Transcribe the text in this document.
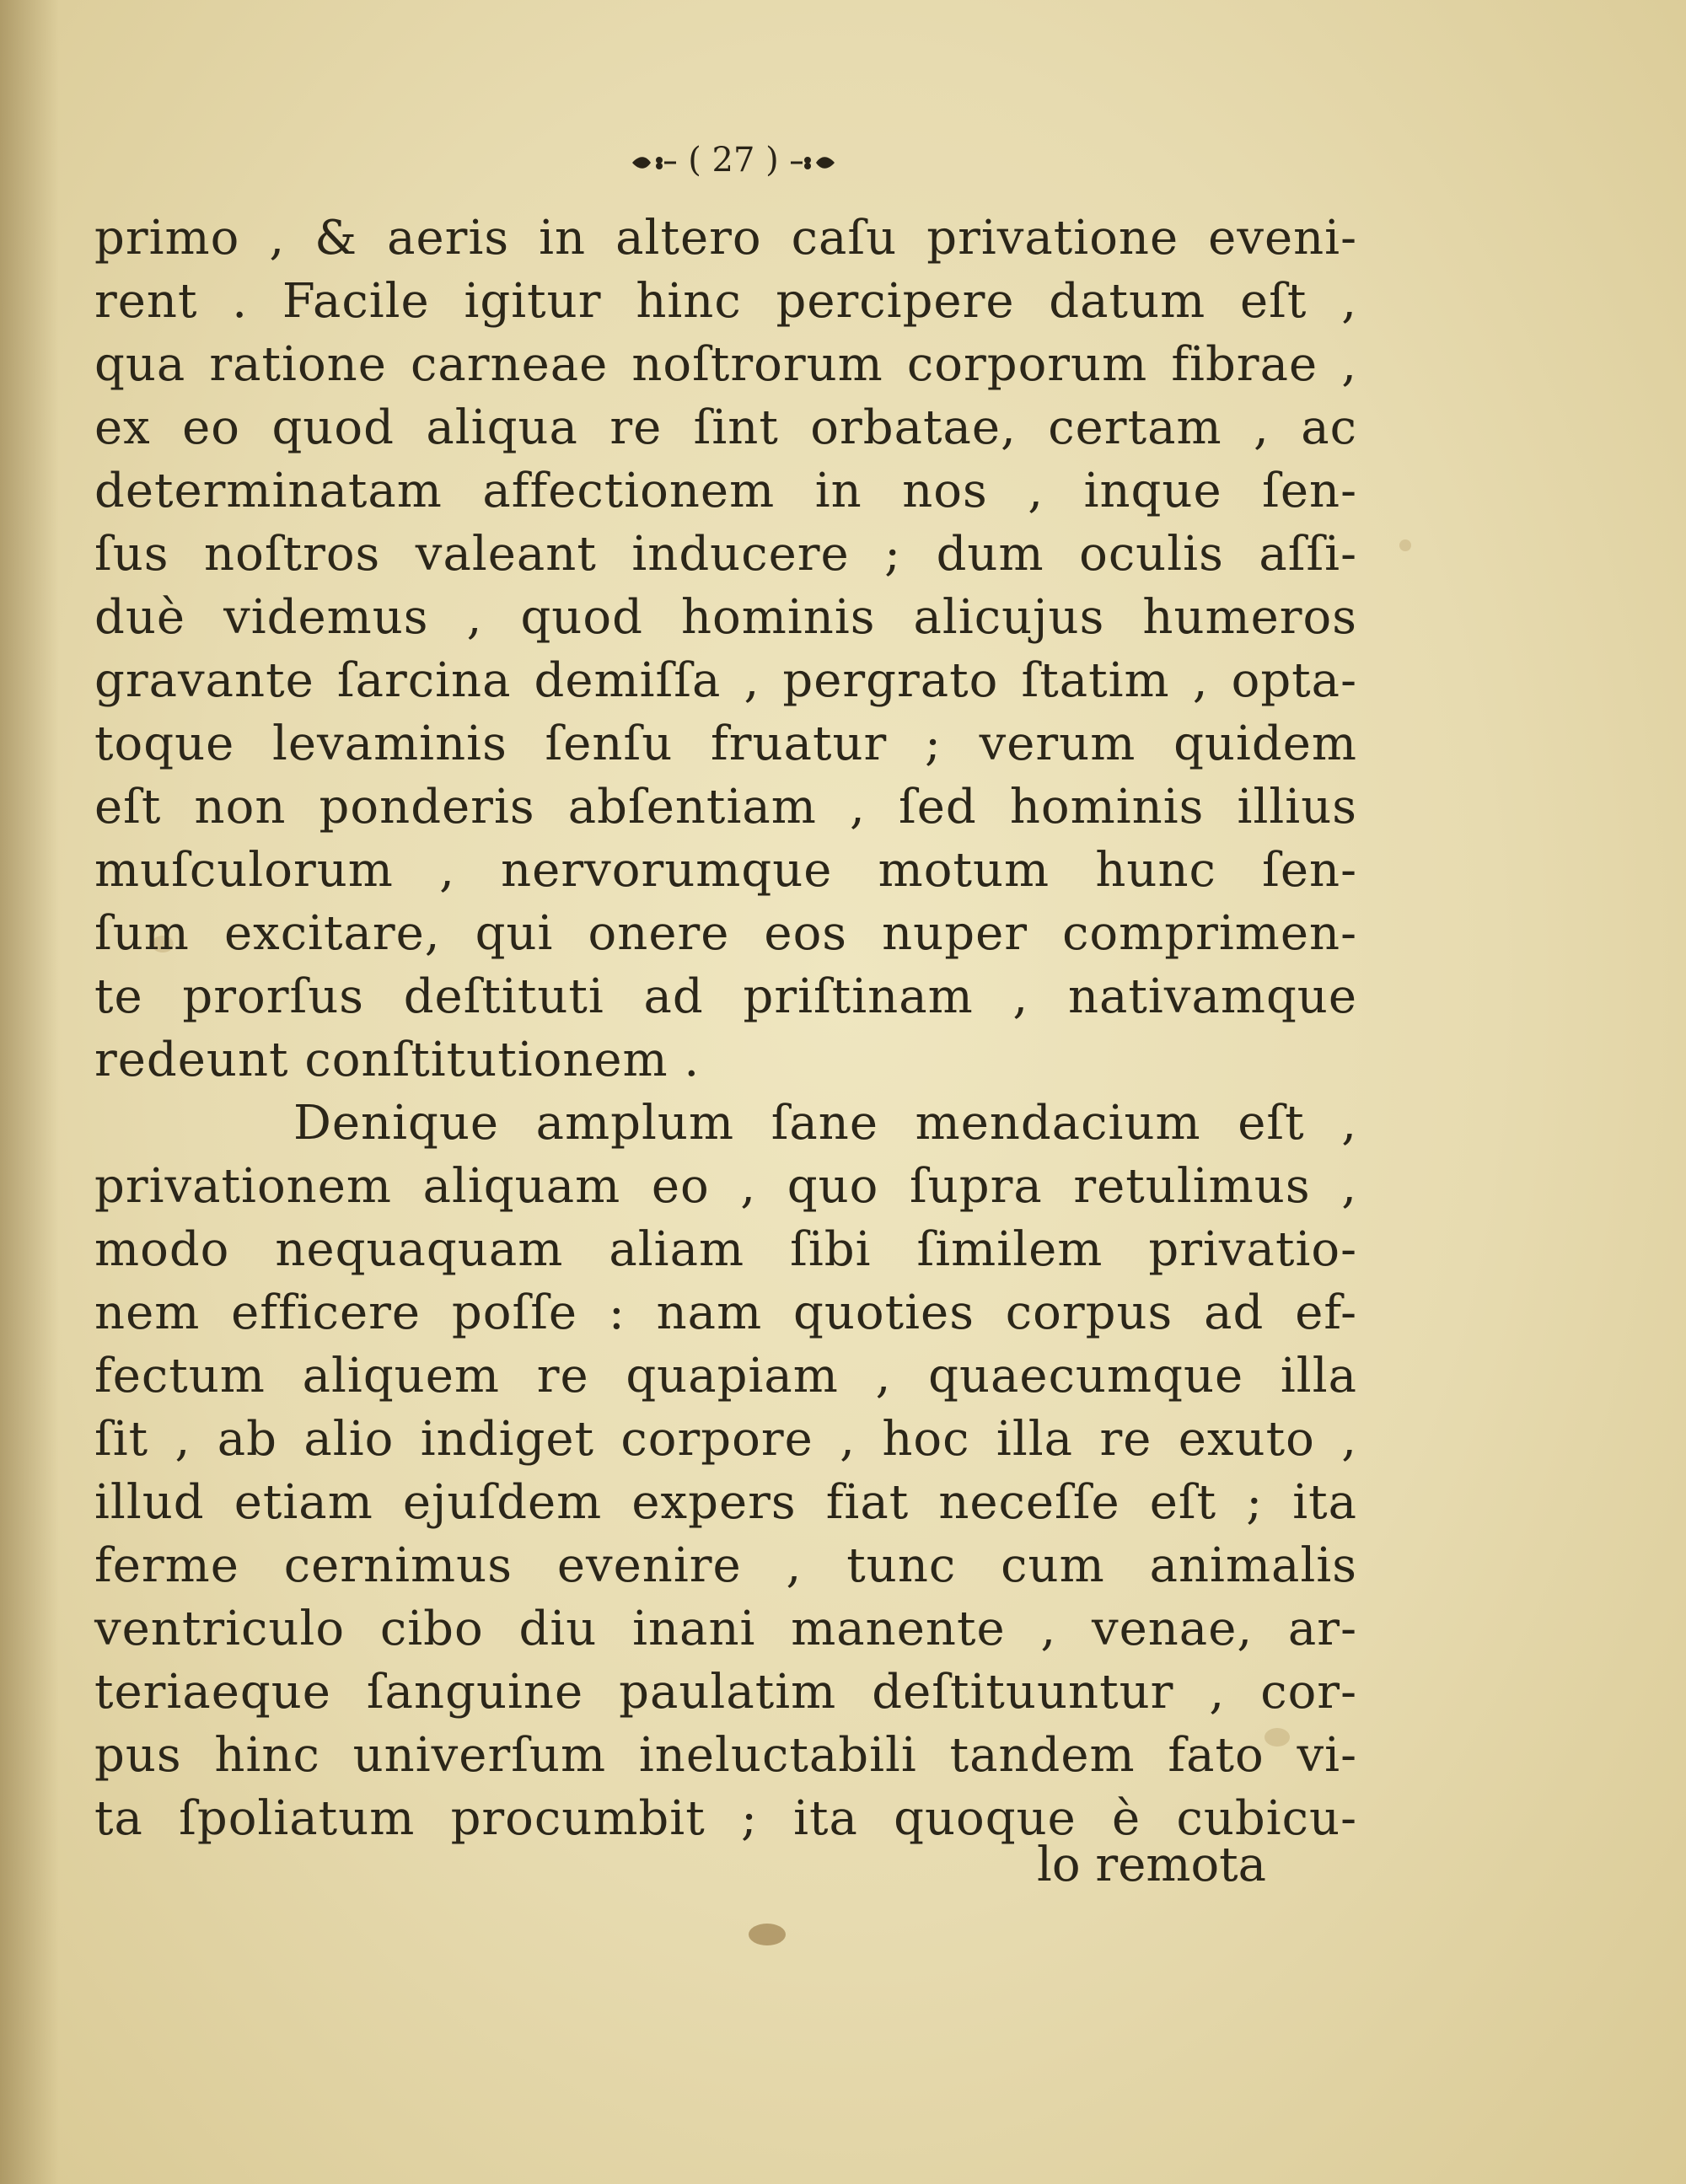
( 27 )
primo , & aeris in altero caſu privatione eveni-
rent . Facile igitur hinc percipere datum eſt ,
qua ratione carneae noſtrorum corporum fibrae ,
ex eo quod aliqua re ſint orbatae, certam , ac
determinatam affectionem in nos , inque ſen-
ſus noſtros valeant inducere ; dum oculis aſſi-
duè videmus , quod hominis alicujus humeros
gravante ſarcina demiſſa , pergrato ſtatim , opta-
toque levaminis ſenſu fruatur ; verum quidem
eſt non ponderis abſentiam , ſed hominis illius
muſculorum , nervorumque motum hunc ſen-
ſum excitare, qui onere eos nuper comprimen-
te prorſus deſtituti ad priſtinam , nativamque
redeunt conſtitutionem .
Denique amplum ſane mendacium eſt ,
privationem aliquam eo , quo ſupra retulimus ,
modo nequaquam aliam ſibi ſimilem privatio-
nem efficere poſſe : nam quoties corpus ad ef-
fectum aliquem re quapiam , quaecumque illa
ſit , ab alio indiget corpore , hoc illa re exuto ,
illud etiam ejuſdem expers fiat neceſſe eſt ; ita
ferme cernimus evenire , tunc cum animalis
ventriculo cibo diu inani manente , venae, ar-
teriaeque ſanguine paulatim deſtituuntur , cor-
pus hinc univerſum ineluctabili tandem fato vi-
ta ſpoliatum procumbit ; ita quoque è cubicu-
lo remota
